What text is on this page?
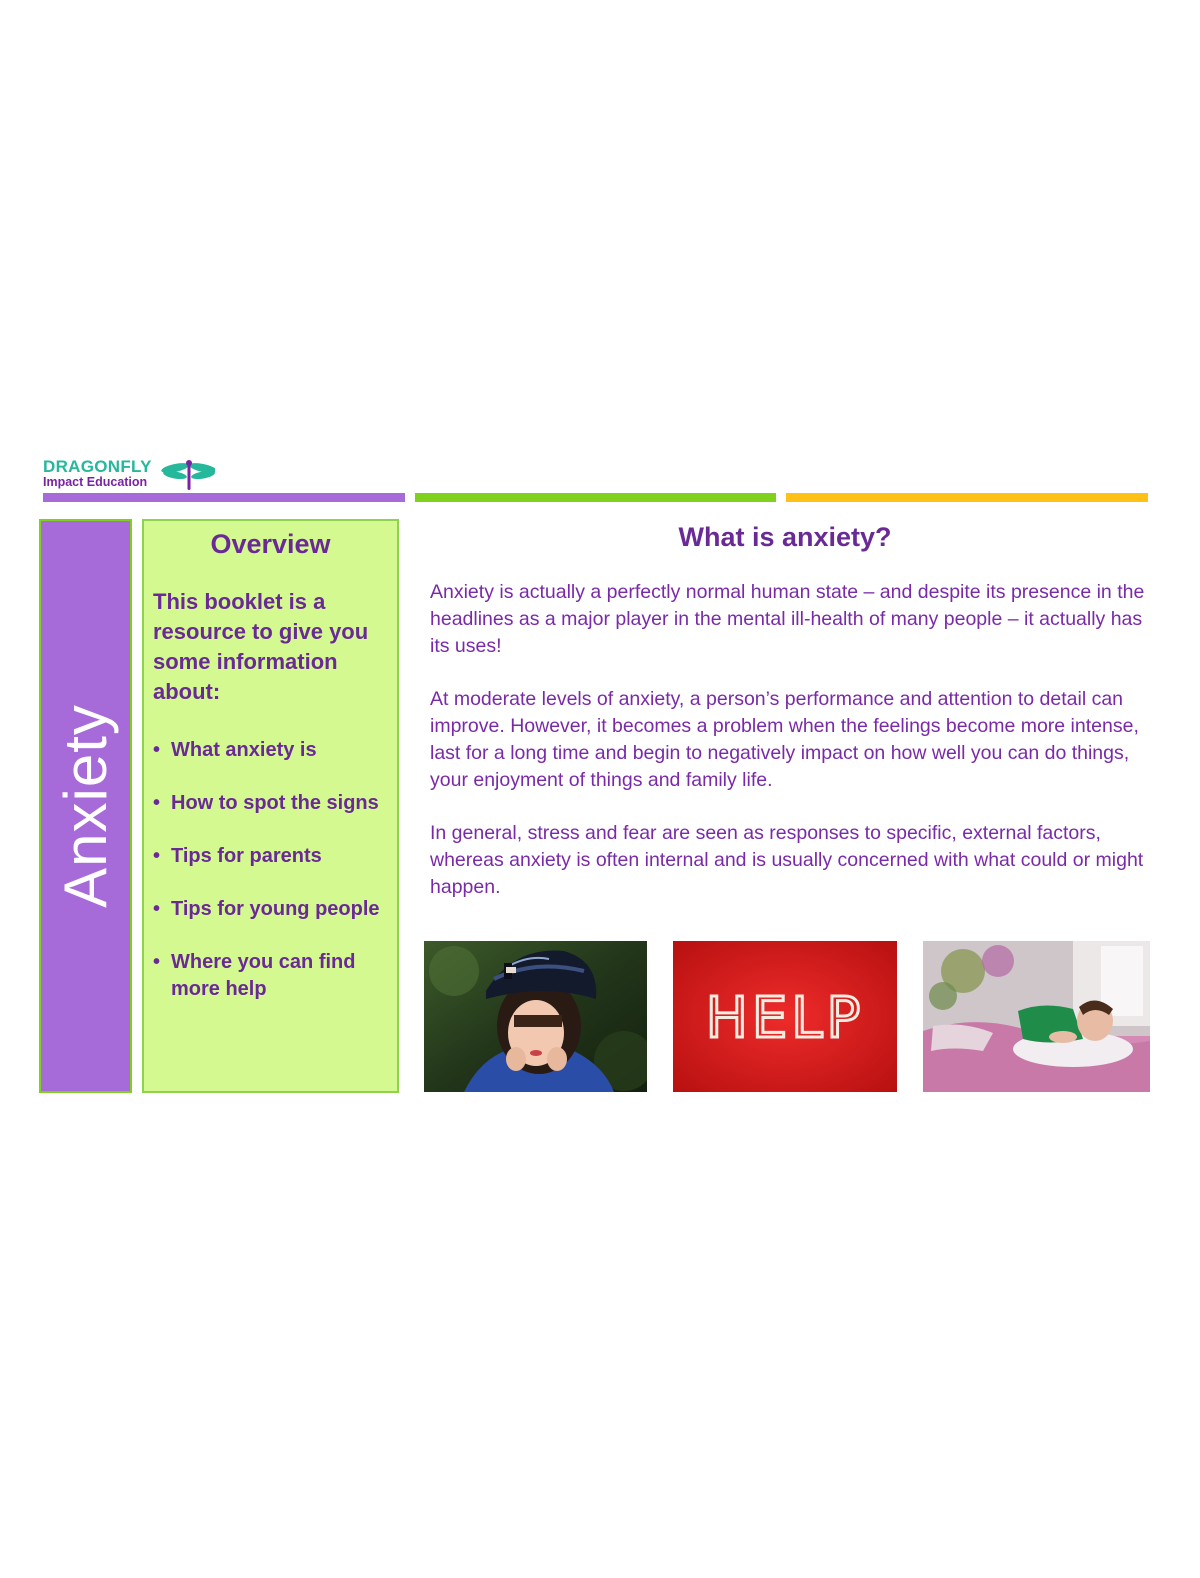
DRAGONFLY
Impact Education
Anxiety
Overview

This booklet is a resource to give you some information about:

• What anxiety is
• How to spot the signs
• Tips for parents
• Tips for young people
• Where you can find more help
What is anxiety?

Anxiety is actually a perfectly normal human state – and despite its presence in the headlines as a major player in the mental ill-health of many people – it actually has its uses!

At moderate levels of anxiety, a person’s performance and attention to detail can improve. However, it becomes a problem when the feelings become more intense, last for a long time and begin to negatively impact on how well you can do things, your enjoyment of things and family life.

In general, stress and fear are seen as responses to specific, external factors, whereas anxiety is often internal and is usually concerned with what could or might happen.

HELP
